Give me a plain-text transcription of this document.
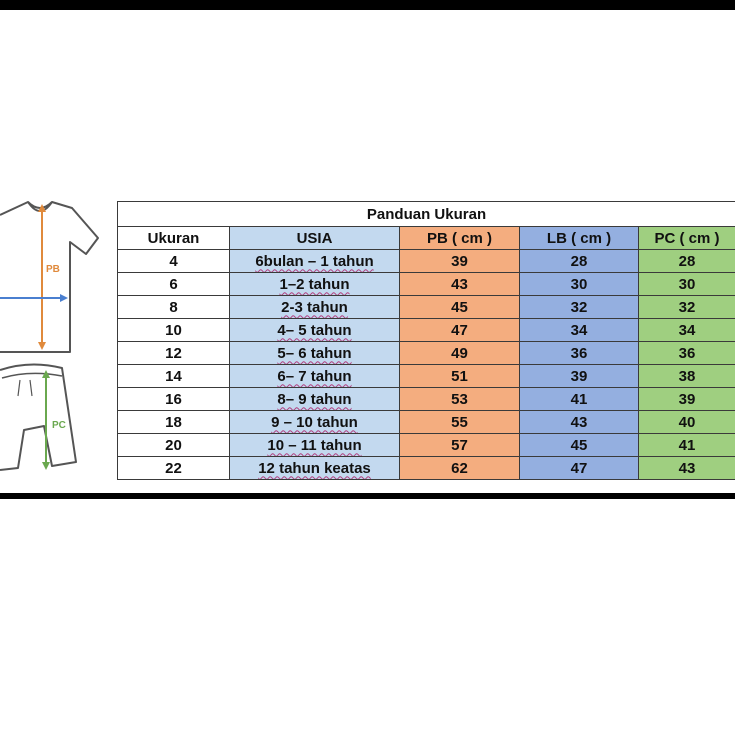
PB
PC
Panduan Ukuran				
Ukuran	USIA	PB ( cm )	LB ( cm )	PC ( cm )
4	6bulan – 1 tahun	39	28	28
6	1–2 tahun	43	30	30
8	2-3 tahun	45	32	32
10	4– 5 tahun	47	34	34
12	5– 6 tahun	49	36	36
14	6– 7 tahun	51	39	38
16	8– 9 tahun	53	41	39
18	9 – 10 tahun	55	43	40
20	10 – 11 tahun	57	45	41
22	12 tahun keatas	62	47	43
